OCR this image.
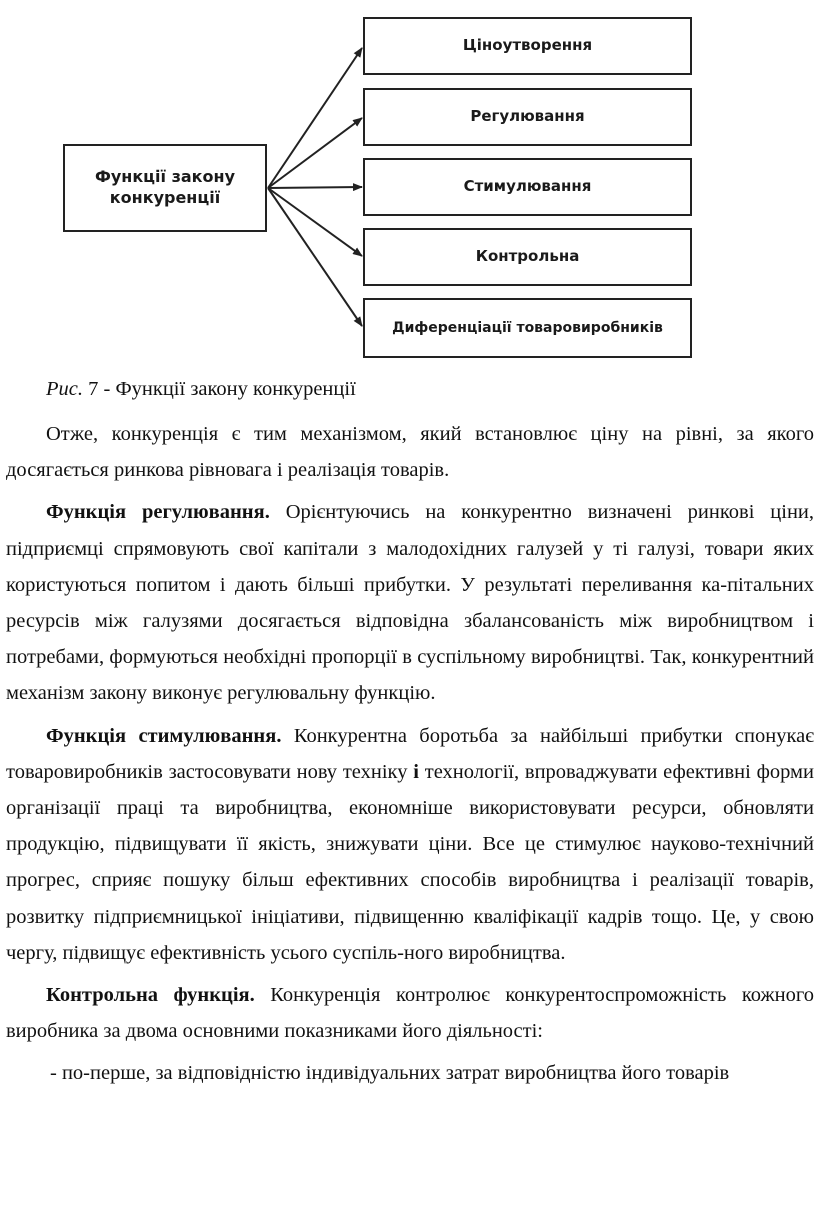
Функції закону конкуренції
Ціноутворення
Регулювання
Стимулювання
Контрольна
Диференціації товаровиробників
Рис. 7 - Функції закону конкуренції

Отже, конкуренція є тим механізмом, який встановлює ціну на рівні, за якого досягається ринкова рівновага і реалізація товарів.

Функція регулювання. Орієнтуючись на конкурентно визначені ринкові ціни, підприємці спрямовують свої капітали з малодохідних галузей у ті галузі, товари яких користуються попитом і дають більші прибутки. У результаті переливання ка-пітальних ресурсів між галузями досягається відповідна збалансованість між виробництвом і потребами, формуються необхідні пропорції в суспільному виробництві. Так, конкурентний механізм закону виконує регулювальну функцію.

Функція стимулювання. Конкурентна боротьба за найбільші прибутки спонукає товаровиробників застосовувати нову техніку і технології, впроваджувати ефективні форми організації праці та виробництва, економніше використовувати ресурси, обновляти продукцію, підвищувати її якість, знижувати ціни. Все це стимулює науково-технічний прогрес, сприяє пошуку більш ефективних способів виробництва і реалізації товарів, розвитку підприємницької ініціативи, підвищенню кваліфікації кадрів тощо. Це, у свою чергу, підвищує ефективність усього суспіль-ного виробництва.

Контрольна функція. Конкуренція контролює конкурентоспроможність кожного виробника за двома основними показниками його діяльності:

- по-перше, за відповідністю індивідуальних затрат виробництва його товарів
